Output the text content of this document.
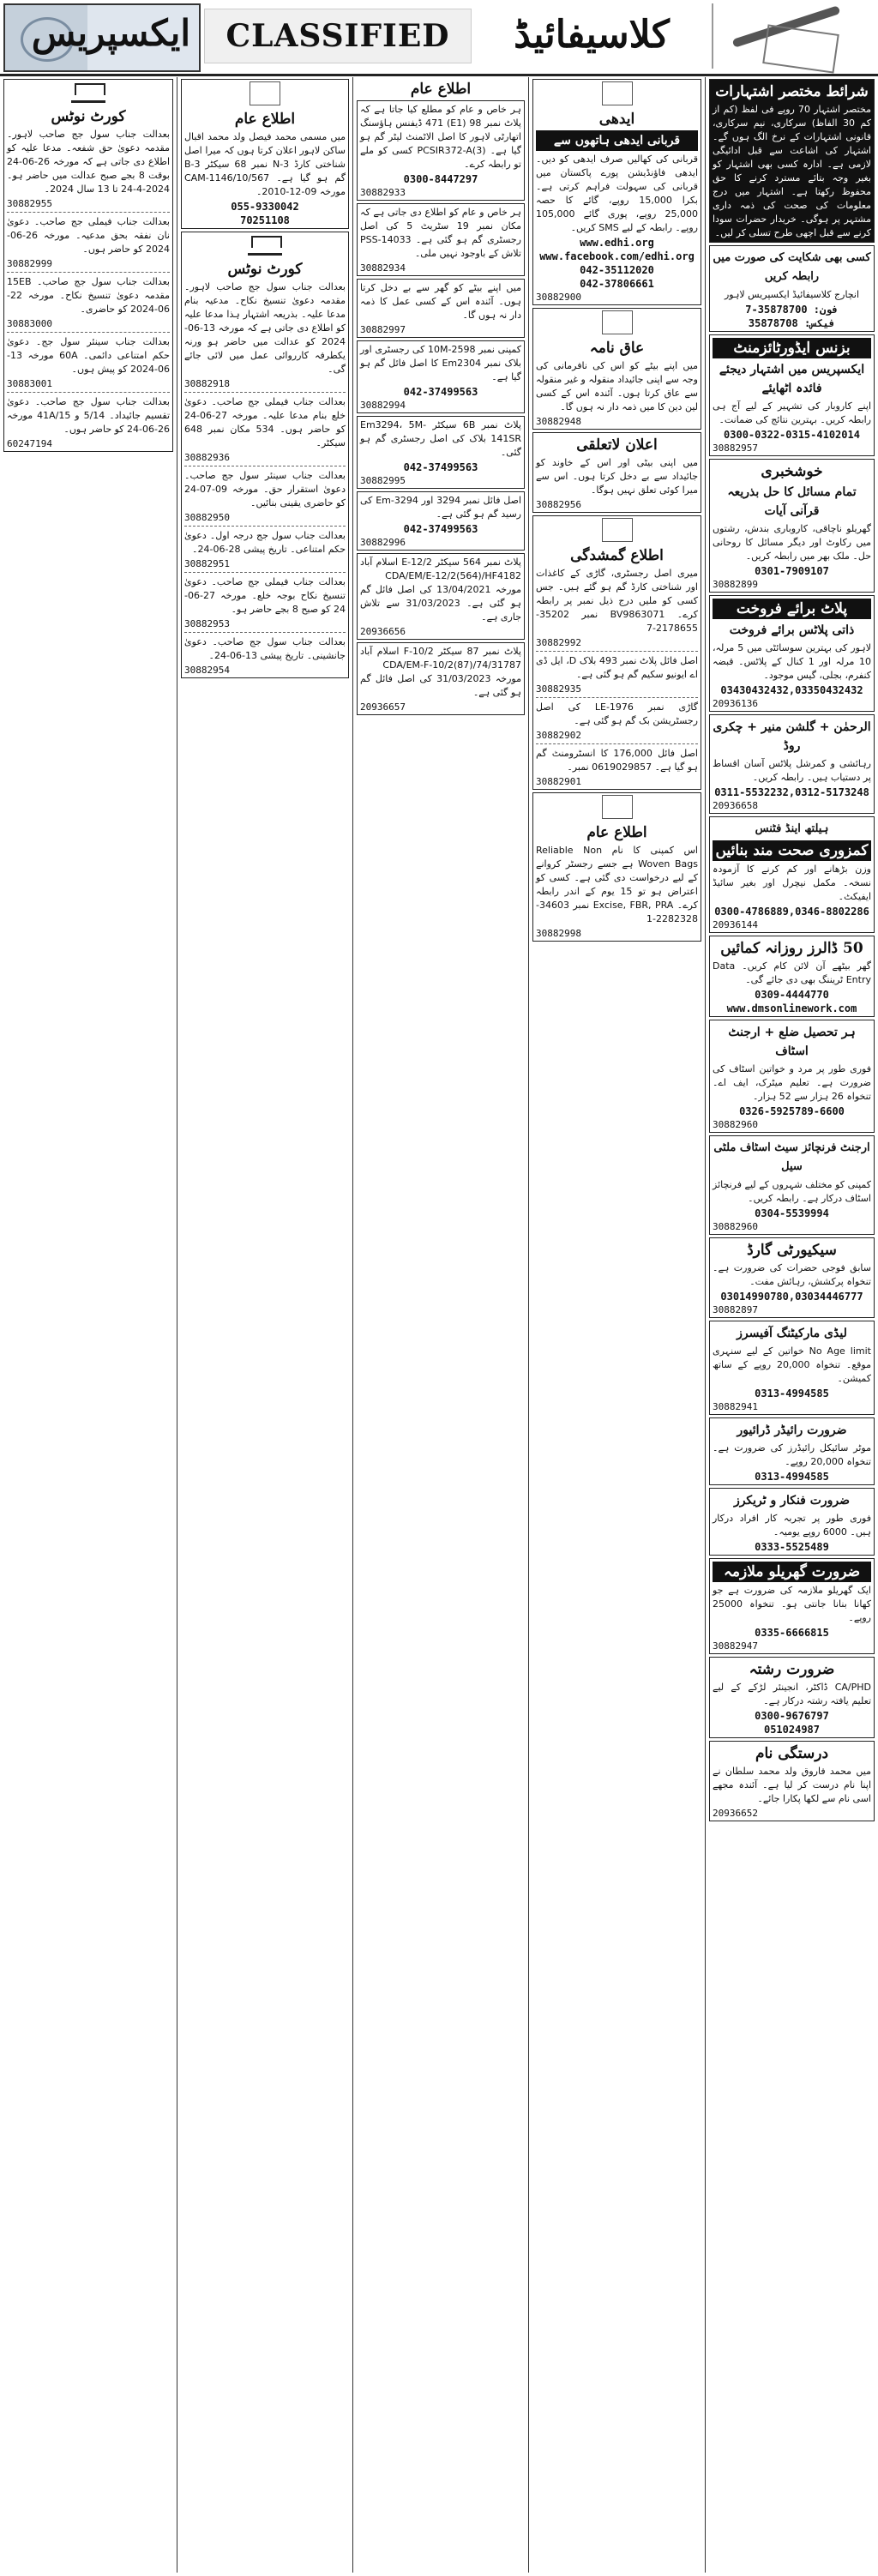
ایکسپریس	CLASSIFIED	کلاسیفائیڈ
شرائط مختصر اشتہارات
مختصر اشتہار 70 روپے فی لفظ (کم از کم 30 الفاظ) سرکاری، نیم سرکاری، قانونی اشتہارات کے نرخ الگ ہوں گے۔ اشتہار کی اشاعت سے قبل ادائیگی لازمی ہے۔ ادارہ کسی بھی اشتہار کو بغیر وجہ بتائے مسترد کرنے کا حق محفوظ رکھتا ہے۔ اشتہار میں درج معلومات کی صحت کی ذمہ داری مشتہر پر ہوگی۔ خریدار حضرات سودا کرنے سے قبل اچھی طرح تسلی کر لیں۔
کسی بھی شکایت کی صورت میں رابطہ کریں
انچارج کلاسیفائیڈ ایکسپریس لاہور
فون: 35878700-7
فیکس: 35878708
بزنس ایڈورٹائزمنٹ
ایکسپریس میں اشتہار دیجئے فائدہ اٹھایئے
اپنے کاروبار کی تشہیر کے لیے آج ہی رابطہ کریں۔ بہترین نتائج کی ضمانت۔
0300-0322-0315-4102014
30882957
خوشخبری
تمام مسائل کا حل بذریعہ قرآنی آیات
گھریلو ناچاقی، کاروباری بندش، رشتوں میں رکاوٹ اور دیگر مسائل کا روحانی حل۔ ملک بھر میں رابطہ کریں۔
0301-7909107
30882899
پلاٹ برائے فروخت
ذاتی پلاٹس برائے فروخت
لاہور کی بہترین سوسائٹی میں 5 مرلہ، 10 مرلہ اور 1 کنال کے پلاٹس۔ قبضہ کنفرم، بجلی، گیس موجود۔
03430432432,03350432432
20936136
الرحمٰن + گلشن منیر + چکری روڈ
رہائشی و کمرشل پلاٹس آسان اقساط پر دستیاب ہیں۔ رابطہ کریں۔
0311-5532232,0312-5173248
20936658
ہیلتھ اینڈ فٹنس
کمزوری صحت مند بنائیں
وزن بڑھانے اور کم کرنے کا آزمودہ نسخہ۔ مکمل نیچرل اور بغیر سائیڈ ایفیکٹ۔
0300-4786889,0346-8802286
20936144
50 ڈالرز روزانہ کمائیں
گھر بیٹھے آن لائن کام کریں۔ Data Entry ٹریننگ بھی دی جائے گی۔
0309-4444770
www.dmsonlinework.com
ہر تحصیل ضلع + ارجنٹ اسٹاف
فوری طور پر مرد و خواتین اسٹاف کی ضرورت ہے۔ تعلیم میٹرک، ایف اے۔ تنخواہ 26 ہزار سے 52 ہزار۔
0326-5925789-6600
30882960
ارجنٹ فرنچائز سیٹ اسٹاف ملٹی سیل
کمپنی کو مختلف شہروں کے لیے فرنچائز اسٹاف درکار ہے۔ رابطہ کریں۔
0304-5539994
30882960
سیکیورٹی گارڈ
سابق فوجی حضرات کی ضرورت ہے۔ تنخواہ پرکشش، رہائش مفت۔
03014990780,03034446777
30882897
لیڈی مارکیٹنگ آفیسرز
No Age limit خواتین کے لیے سنہری موقع۔ تنخواہ 20,000 روپے کے ساتھ کمیشن۔
0313-4994585
30882941
ضرورت رائیڈر ڈرائیور
موٹر سائیکل رائیڈرز کی ضرورت ہے۔ تنخواہ 20,000 روپے۔
0313-4994585
ضرورت فنکار و ٹریکرز
فوری طور پر تجربہ کار افراد درکار ہیں۔ 6000 روپے یومیہ۔
0333-5525489
ضرورت گھریلو ملازمہ
ایک گھریلو ملازمہ کی ضرورت ہے جو کھانا بنانا جانتی ہو۔ تنخواہ 25000 روپے۔
0335-6666815
30882947
ضرورت رشتہ
CA/PHD ڈاکٹر، انجینئر لڑکے کے لیے تعلیم یافتہ رشتہ درکار ہے۔
0300-9676797
051024987
درستگی نام
میں محمد فاروق ولد محمد سلطان نے اپنا نام درست کر لیا ہے۔ آئندہ مجھے اسی نام سے لکھا پکارا جائے۔
20936652
ایدھی
قربانی ایدھی ہاتھوں سے
قربانی کی کھالیں صرف ایدھی کو دیں۔ ایدھی فاؤنڈیشن پورے پاکستان میں قربانی کی سہولت فراہم کرتی ہے۔ بکرا 15,000 روپے، گائے کا حصہ 25,000 روپے، پوری گائے 105,000 روپے۔ رابطہ کے لیے SMS کریں۔
www.edhi.org
www.facebook.com/edhi.org
042-35112020
042-37806661
30882900
عاق نامہ
میں اپنے بیٹے کو اس کی نافرمانی کی وجہ سے اپنی جائیداد منقولہ و غیر منقولہ سے عاق کرتا ہوں۔ آئندہ اس کے کسی لین دین کا میں ذمہ دار نہ ہوں گا۔
30882948
اعلان لاتعلقی
میں اپنی بیٹی اور اس کے خاوند کو جائیداد سے بے دخل کرتا ہوں۔ اس سے میرا کوئی تعلق نہیں ہوگا۔
30882956
اطلاع گمشدگی
میری اصل رجسٹری، گاڑی کے کاغذات اور شناختی کارڈ گم ہو گئے ہیں۔ جس کسی کو ملیں درج ذیل نمبر پر رابطہ کرے۔ BV9863071 نمبر 35202-2178655-7
30882992
اصل فائل پلاٹ نمبر 493 بلاک D، ایل ڈی اے ایونیو سکیم گم ہو گئی ہے۔
30882935
گاڑی نمبر LE-1976 کی اصل رجسٹریشن بک گم ہو گئی ہے۔
30882902
اصل فائل 176,000 کا انسٹرومنٹ گم ہو گیا ہے۔ 0619029857 نمبر۔
30882901
اطلاع عام
اس کمپنی کا نام Reliable Non Woven Bags ہے جسے رجسٹر کروانے کے لیے درخواست دی گئی ہے۔ کسی کو اعتراض ہو تو 15 یوم کے اندر رابطہ کرے۔ Excise, FBR, PRA نمبر 34603-2282328-1
30882998
اطلاع عام
ہر خاص و عام کو مطلع کیا جاتا ہے کہ پلاٹ نمبر 98 (E1) 471 ڈیفنس ہاؤسنگ اتھارٹی لاہور کا اصل الاٹمنٹ لیٹر گم ہو گیا ہے۔ PCSIR372-A(3) کسی کو ملے تو رابطہ کرے۔
0300-8447297
30882933
ہر خاص و عام کو اطلاع دی جاتی ہے کہ مکان نمبر 19 سٹریٹ 5 کی اصل رجسٹری گم ہو گئی ہے۔ PSS-14033 تلاش کے باوجود نہیں ملی۔
30882934
میں اپنے بیٹے کو گھر سے بے دخل کرتا ہوں۔ آئندہ اس کے کسی عمل کا ذمہ دار نہ ہوں گا۔
30882997
کمپنی نمبر 10M-2598 کی رجسٹری اور بلاک نمبر Em2304 کا اصل فائل گم ہو گیا ہے۔
042-37499563
30882994
پلاٹ نمبر 6B سیکٹر Em3294، 5M-141SR بلاک کی اصل رجسٹری گم ہو گئی۔
042-37499563
30882995
اصل فائل نمبر 3294 اور Em-3294 کی رسید گم ہو گئی ہے۔
042-37499563
30882996
پلاٹ نمبر 564 سیکٹر E-12/2 اسلام آباد CDA/EM/E-12/2(564)/HF4182 مورخہ 13/04/2021 کی اصل فائل گم ہو گئی ہے۔ 31/03/2023 سے تلاش جاری ہے۔
20936656
پلاٹ نمبر 87 سیکٹر F-10/2 اسلام آباد CDA/EM-F-10/2(87)/74/31787 مورخہ 31/03/2023 کی اصل فائل گم ہو گئی ہے۔
20936657
اطلاع عام
میں مسمی محمد فیصل ولد محمد اقبال ساکن لاہور اعلان کرتا ہوں کہ میرا اصل شناختی کارڈ N-3 نمبر 68 سیکٹر B-3 گم ہو گیا ہے۔ CAM-1146/10/567 مورخہ 09-12-2010۔
055-9330042
70251108
کورٹ نوٹس
بعدالت جناب سول جج صاحب لاہور۔ مقدمہ دعویٰ تنسیخ نکاح۔ مدعیہ بنام مدعا علیہ۔ بذریعہ اشتہار ہذا مدعا علیہ کو اطلاع دی جاتی ہے کہ مورخہ 13-06-2024 کو عدالت میں حاضر ہو ورنہ یکطرفہ کارروائی عمل میں لائی جائے گی۔
30882918
بعدالت جناب فیملی جج صاحب۔ دعویٰ خلع بنام مدعا علیہ۔ مورخہ 27-06-24 کو حاضر ہوں۔ 534 مکان نمبر 648 سیکٹر۔
30882936
بعدالت جناب سینئر سول جج صاحب۔ دعویٰ استقرار حق۔ مورخہ 09-07-24 کو حاضری یقینی بنائیں۔
30882950
بعدالت جناب سول جج درجہ اول۔ دعویٰ حکم امتناعی۔ تاریخ پیشی 28-06-24۔
30882951
بعدالت جناب فیملی جج صاحب۔ دعویٰ تنسیخ نکاح بوجہ خلع۔ مورخہ 27-06-24 کو صبح 8 بجے حاضر ہو۔
30882953
بعدالت جناب سول جج صاحب۔ دعویٰ جانشینی۔ تاریخ پیشی 13-06-24۔
30882954
کورٹ نوٹس
بعدالت جناب سول جج صاحب لاہور۔ مقدمہ دعویٰ حق شفعہ۔ مدعا علیہ کو اطلاع دی جاتی ہے کہ مورخہ 26-06-24 بوقت 8 بجے صبح عدالت میں حاضر ہو۔ 2024-4-24 تا 13 سال 2024۔
30882955
بعدالت جناب فیملی جج صاحب۔ دعویٰ نان نفقہ بحق مدعیہ۔ مورخہ 26-06-2024 کو حاضر ہوں۔
30882999
بعدالت جناب سول جج صاحب۔ 15EB مقدمہ دعویٰ تنسیخ نکاح۔ مورخہ 22-06-2024 کو حاضری۔
30883000
بعدالت جناب سینئر سول جج۔ دعویٰ حکم امتناعی دائمی۔ 60A مورخہ 13-06-2024 کو پیش ہوں۔
30883001
بعدالت جناب سول جج صاحب۔ دعویٰ تقسیم جائیداد۔ 5/14 و 41A/15 مورخہ 26-06-24 کو حاضر ہوں۔
60247194
